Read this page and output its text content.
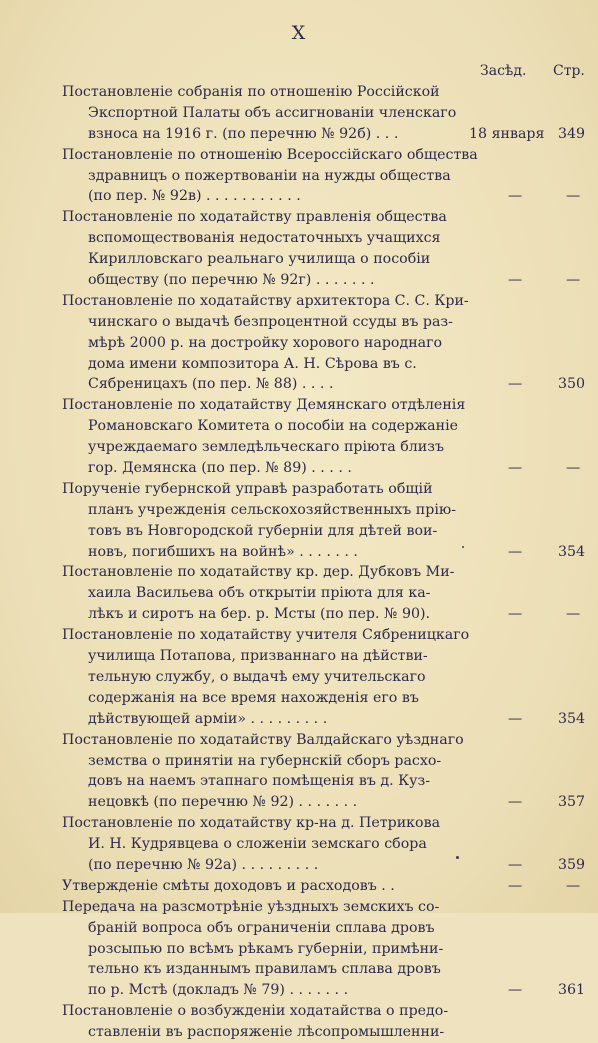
X
Засѣд. Стр.
Постановленіе собранія по отношенію Россійской
Экспортной Палаты объ ассигнованіи членскаго
взноса на 1916 г. (по перечню № 92б) . . .	18 января 349
Постановленіе по отношенію Всероссійскаго общества
здравницъ о пожертвованіи на нужды общества
(по пер. № 92в) . . . . . . . . . . .	—	—
Постановленіе по ходатайству правленія общества
вспомоществованія недостаточныхъ учащихся
Кирилловскаго реальнаго училища о пособіи
обществу (по перечню № 92г) . . . . . . .	—	—
Постановленіе по ходатайству архитектора С. С. Кри-
чинскаго о выдачѣ безпроцентной ссуды въ раз-
мѣрѣ 2000 р. на достройку хорового народнаго
дома имени композитора А. Н. Сѣрова въ с.
Сябреницахъ (по пер. № 88) . . . .	—	350
Постановленіе по ходатайству Демянскаго отдѣленія
Романовскаго Комитета о пособіи на содержаніе
учреждаемаго земледѣльческаго пріюта близъ
гор. Демянска (по пер. № 89) . . . . .	—	—
Порученіе губернской управѣ разработать общій
планъ учрежденія сельскохозяйственныхъ прію-
товъ въ Новгородской губерніи для дѣтей вои-
новъ, погибшихъ на войнѣ» . . . . . . .	—	354
Постановленіе по ходатайству кр. дер. Дубковъ Ми-
хаила Васильева объ открытіи пріюта для ка-
лѣкъ и сиротъ на бер. р. Мсты (по пер. № 90).	—	—
Постановленіе по ходатайству учителя Сябреницкаго
училища Потапова, призваннаго на дѣйстви-
тельную службу, о выдачѣ ему учительскаго
содержанія на все время нахожденія его въ
дѣйствующей арміи» . . . . . . . . .	—	354
Постановленіе по ходатайству Валдайскаго уѣзднаго
земства о принятіи на губернскій сборъ расхо-
довъ на наемъ этапнаго помѣщенія въ д. Куз-
нецовкѣ (по перечню № 92) . . . . . . .	—	357
Постановленіе по ходатайству кр-на д. Петрикова
И. Н. Кудрявцева о сложеніи земскаго сбора
(по перечню № 92а) . . . . . . . . .	—	359
Утвержденіе смѣты доходовъ и расходовъ . .	—	—
Передача на разсмотрѣніе уѣздныхъ земскихъ со-
браній вопроса объ ограниченіи сплава дровъ
розсыпью по всѣмъ рѣкамъ губерніи, примѣни-
тельно къ изданнымъ правиламъ сплава дровъ
по р. Мстѣ (докладъ № 79) . . . . . . .	—	361
Постановленіе о возбужденіи ходатайства о предо-
ставленіи въ распоряженіе лѣсопромышленни-
